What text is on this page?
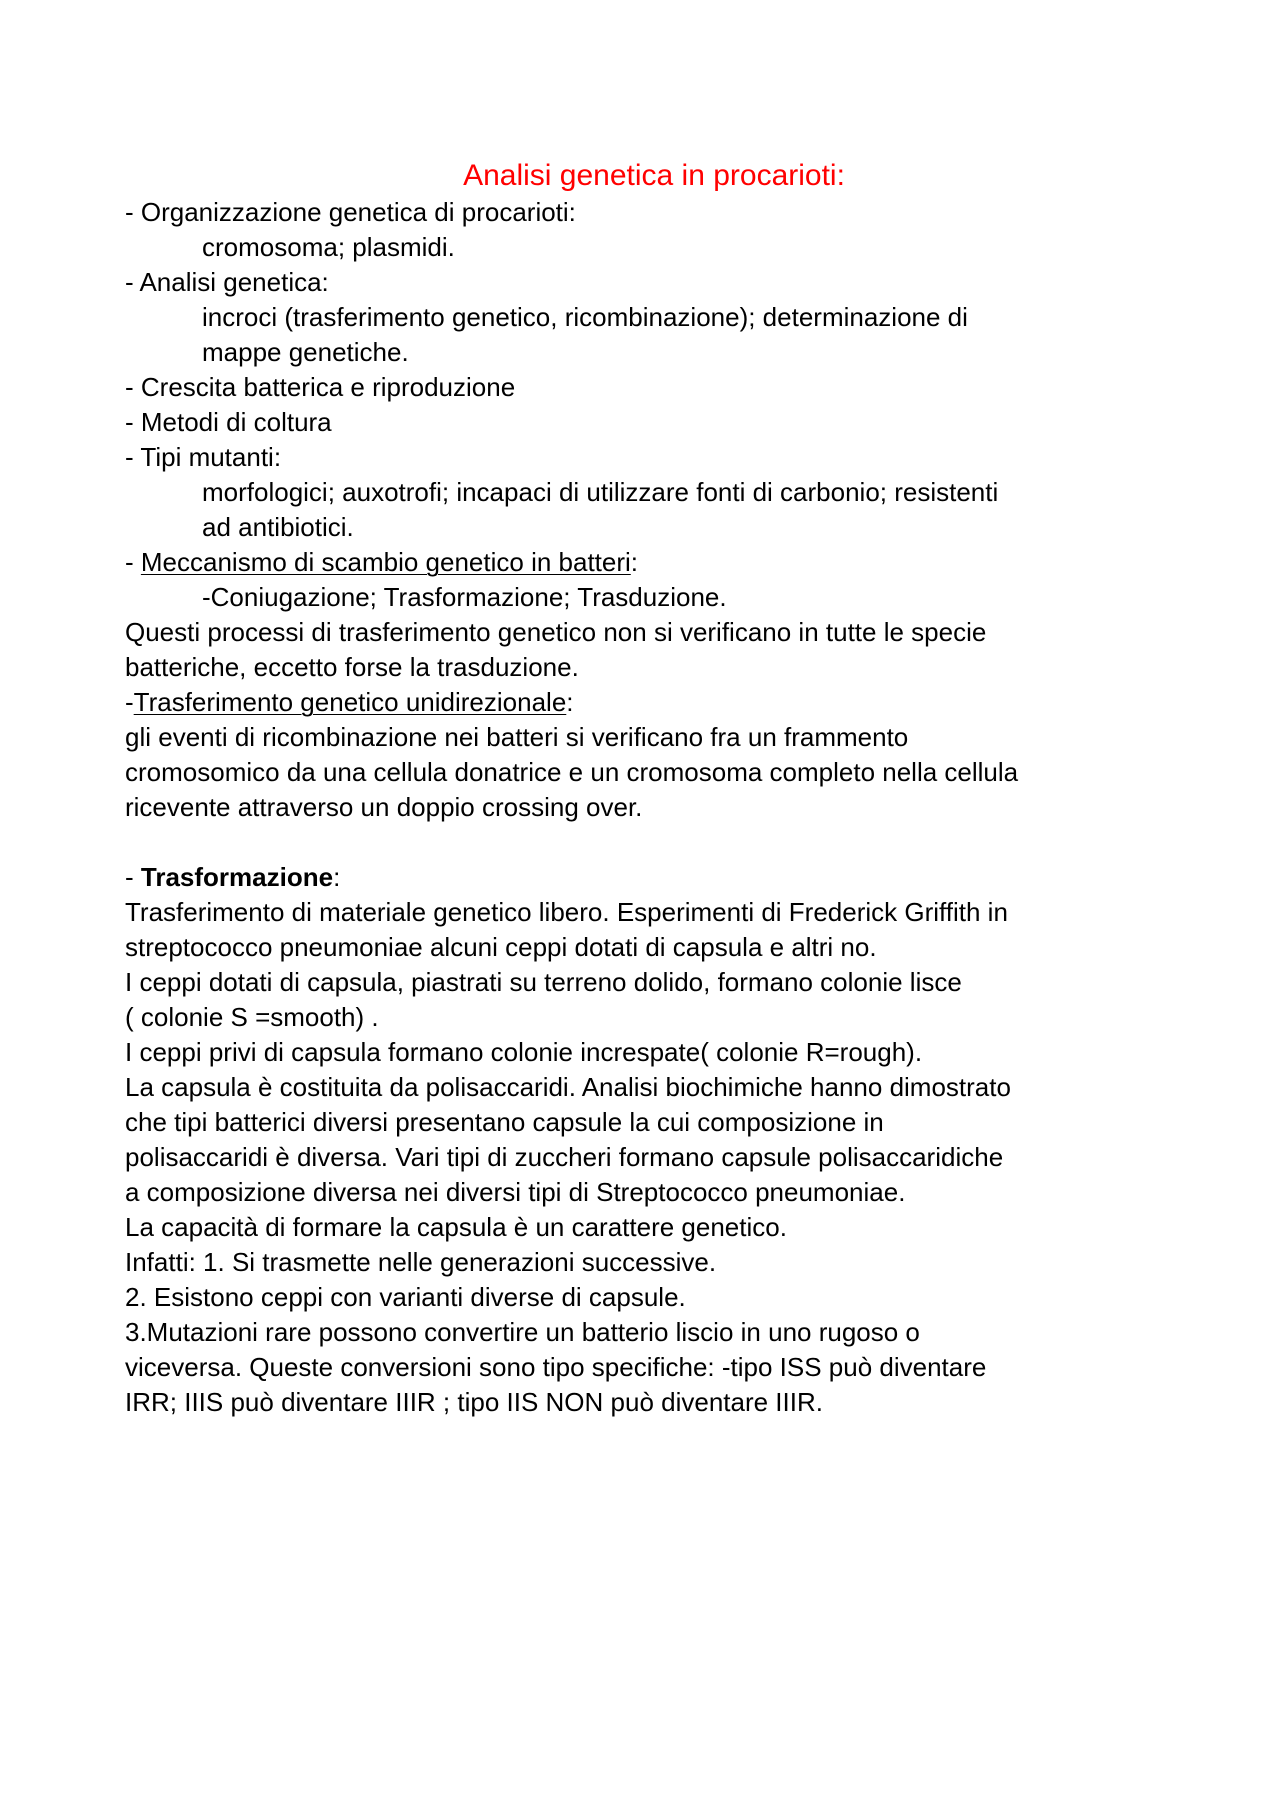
Analisi genetica in procarioti:
- Organizzazione genetica di procarioti:
cromosoma; plasmidi.
- Analisi genetica:
incroci (trasferimento genetico, ricombinazione); determinazione di
mappe genetiche.
- Crescita batterica e riproduzione
- Metodi di coltura
- Tipi mutanti:
morfologici; auxotrofi; incapaci di utilizzare fonti di carbonio; resistenti
ad antibiotici.
- Meccanismo di scambio genetico in batteri:
-Coniugazione; Trasformazione; Trasduzione.
Questi processi di trasferimento genetico non si verificano in tutte le specie
batteriche, eccetto forse la trasduzione.
-Trasferimento genetico unidirezionale:
gli eventi di ricombinazione nei batteri si verificano fra un frammento
cromosomico da una cellula donatrice e un cromosoma completo nella cellula
ricevente attraverso un doppio crossing over.
- Trasformazione:
Trasferimento di materiale genetico libero. Esperimenti di Frederick Griffith in
streptococco pneumoniae alcuni ceppi dotati di capsula e altri no.
I ceppi dotati di capsula, piastrati su terreno dolido, formano colonie lisce
( colonie S =smooth) .
I ceppi privi di capsula formano colonie increspate( colonie R=rough).
La capsula è costituita da polisaccaridi. Analisi biochimiche hanno dimostrato
che tipi batterici diversi presentano capsule la cui composizione in
polisaccaridi è diversa. Vari tipi di zuccheri formano capsule polisaccaridiche
a composizione diversa nei diversi tipi di Streptococco pneumoniae.
La capacità di formare la capsula è un carattere genetico.
Infatti: 1. Si trasmette nelle generazioni successive.
2. Esistono ceppi con varianti diverse di capsule.
3.Mutazioni rare possono convertire un batterio liscio in uno rugoso o
viceversa. Queste conversioni sono tipo specifiche: -tipo ISS può diventare
IRR; IIIS può diventare IIIR ; tipo IIS NON può diventare IIIR.
